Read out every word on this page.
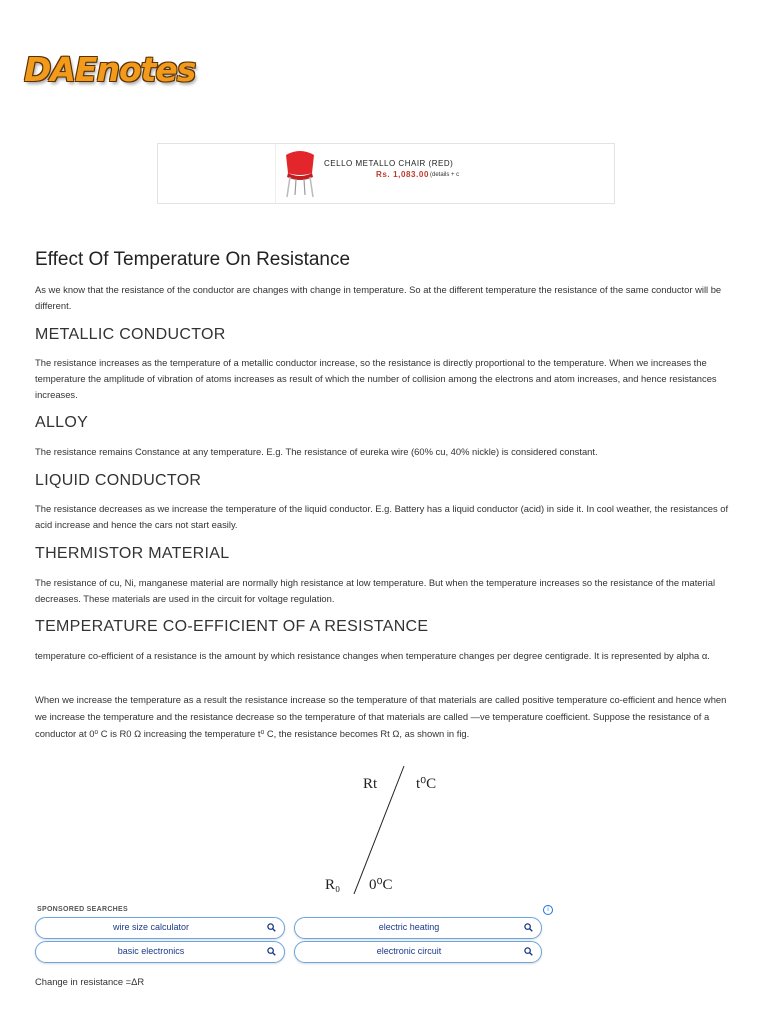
DAEnotes
CELLO METALLO CHAIR (RED)
Rs. 1,083.00 (details + c
Effect Of Temperature On Resistance

As we know that the resistance of the conductor are changes with change in temperature. So at the different temperature the resistance of the same conductor will be different.

METALLIC CONDUCTOR

The resistance increases as the temperature of a metallic conductor increase, so the resistance is directly proportional to the temperature. When we increases the temperature the amplitude of vibration of atoms increases as result of which the number of collision among the electrons and atom increases, and hence resistances increases.

ALLOY

The resistance remains Constance at any temperature. E.g. The resistance of eureka wire (60% cu, 40% nickle) is considered constant.

LIQUID CONDUCTOR

The resistance decreases as we increase the temperature of the liquid conductor. E.g. Battery has a liquid conductor (acid) in side it. In cool weather, the resistances of acid increase and hence the cars not start easily.

THERMISTOR MATERIAL

The resistance of cu, Ni, manganese material are normally high resistance at low temperature. But when the temperature increases so the resistance of the material decreases. These materials are used in the circuit for voltage regulation.

TEMPERATURE CO-EFFICIENT OF A RESISTANCE

temperature co-efficient of a resistance is the amount by which resistance changes when temperature changes per degree centigrade. It is represented by alpha α.

When we increase the temperature as a result the resistance increase so the temperature of that materials are called positive temperature co-efficient and hence when we increase the temperature and the resistance decrease so the temperature of that materials are called —ve temperature coefficient. Suppose the resistance of a conductor at 0⁰ C is R0 Ω increasing the temperature t⁰ C, the resistance becomes Rt Ω, as shown in fig.

Rt	t⁰C
R₀ 0⁰C
SPONSORED SEARCHES	i
wire size calculator	electric heating
basic electronics	electronic circuit
Change in resistance =ΔR
